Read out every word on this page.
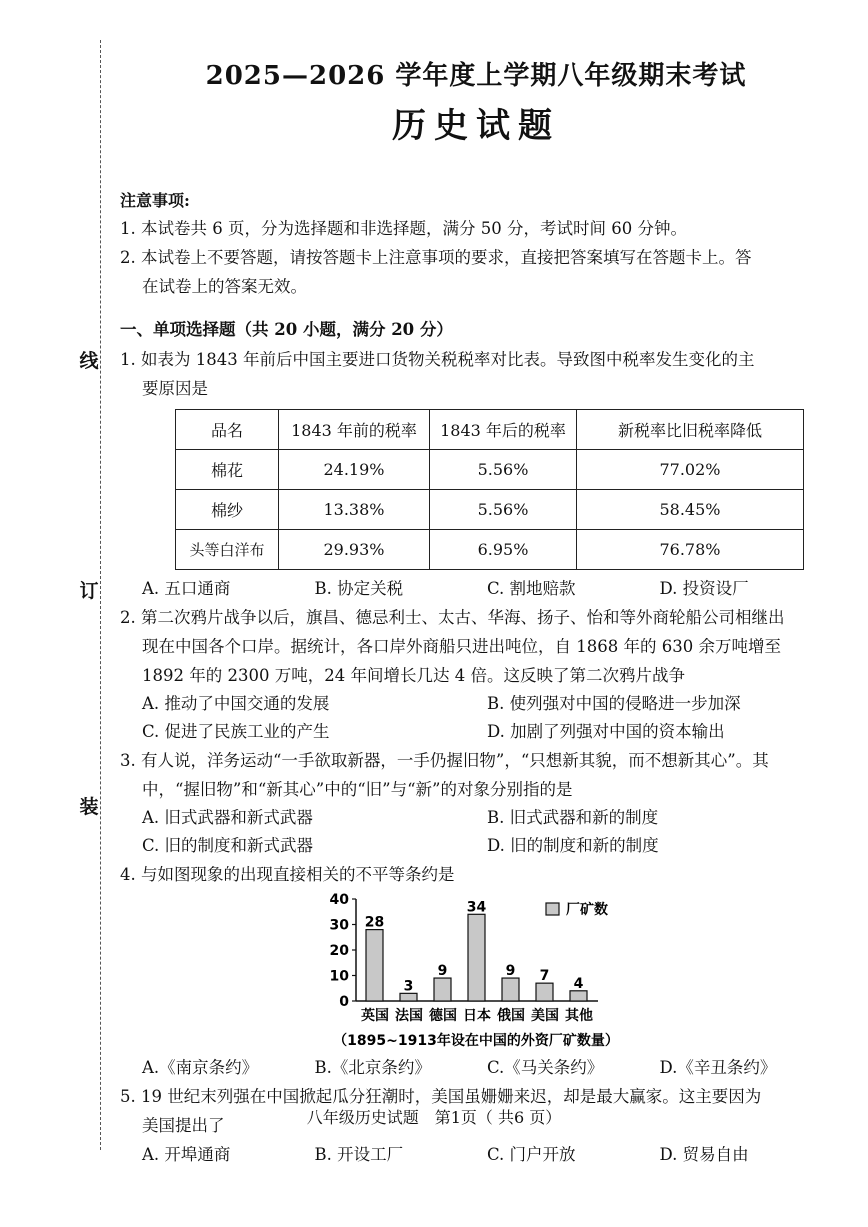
线
订
装
2025—2026 学年度上学期八年级期末考试
历史试题
注意事项:
1. 本试卷共 6 页，分为选择题和非选择题，满分 50 分，考试时间 60 分钟。
2. 本试卷上不要答题，请按答题卡上注意事项的要求，直接把答案填写在答题卡上。答
在试卷上的答案无效。
一、单项选择题（共 20 小题，满分 20 分）
1. 如表为 1843 年前后中国主要进口货物关税税率对比表。导致图中税率发生变化的主
要原因是
品名	1843 年前的税率	1843 年后的税率	新税率比旧税率降低
棉花	24.19%	5.56%	77.02%
棉纱	13.38%	5.56%	58.45%
头等白洋布	29.93%	6.95%	76.78%
A. 五口通商	B. 协定关税	C. 割地赔款	D. 投资设厂
2. 第二次鸦片战争以后，旗昌、德忌利士、太古、华海、扬子、怡和等外商轮船公司相继出
现在中国各个口岸。据统计，各口岸外商船只进出吨位，自 1868 年的 630 余万吨增至
1892 年的 2300 万吨，24 年间增长几达 4 倍。这反映了第二次鸦片战争
A. 推动了中国交通的发展	B. 使列强对中国的侵略进一步加深
C. 促进了民族工业的产生	D. 加剧了列强对中国的资本输出
3. 有人说，洋务运动“一手欲取新器，一手仍握旧物”，“只想新其貌，而不想新其心”。其
中，“握旧物”和“新其心”中的“旧”与“新”的对象分别指的是
A. 旧式武器和新式武器	B. 旧式武器和新的制度
C. 旧的制度和新式武器	D. 旧的制度和新的制度
4. 与如图现象的出现直接相关的不平等条约是
0
10
20
30
40
28
英国
3
法国
9
德国
34
日本
9
俄国
7
美国
4
其他
厂矿数
（1895~1913年设在中国的外资厂矿数量）
A.《南京条约》	B.《北京条约》	C.《马关条约》	D.《辛丑条约》
5. 19 世纪末列强在中国掀起瓜分狂潮时，美国虽姗姗来迟，却是最大赢家。这主要因为
美国提出了
A. 开埠通商	B. 开设工厂	C. 门户开放	D. 贸易自由
八年级历史试题　第1页（ 共6 页）
